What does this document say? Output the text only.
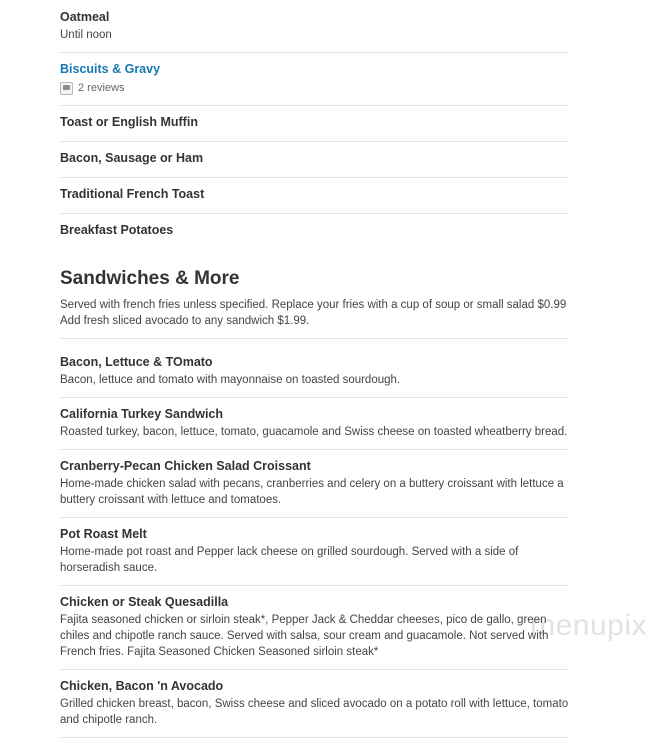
menupix
Oatmeal
Until noon
Biscuits & Gravy
2 reviews
Toast or English Muffin
Bacon, Sausage or Ham
Traditional French Toast
Breakfast Potatoes
Sandwiches & More
Served with french fries unless specified. Replace your fries with a cup of soup or small salad $0.99 Add fresh sliced avocado to any sandwich $1.99.
Bacon, Lettuce & TOmato
Bacon, lettuce and tomato with mayonnaise on toasted sourdough.
California Turkey Sandwich
Roasted turkey, bacon, lettuce, tomato, guacamole and Swiss cheese on toasted wheatberry bread.
Cranberry-Pecan Chicken Salad Croissant
Home-made chicken salad with pecans, cranberries and celery on a buttery croissant with lettuce a buttery croissant with lettuce and tomatoes.
Pot Roast Melt
Home-made pot roast and Pepper lack cheese on grilled sourdough. Served with a side of horseradish sauce.
Chicken or Steak Quesadilla
Fajita seasoned chicken or sirloin steak*, Pepper Jack & Cheddar cheeses, pico de gallo, green chiles and chipotle ranch sauce. Served with salsa, sour cream and guacamole. Not served with French fries. Fajita Seasoned Chicken Seasoned sirloin steak*
Chicken, Bacon 'n Avocado
Grilled chicken breast, bacon, Swiss cheese and sliced avocado on a potato roll with lettuce, tomato and chipotle ranch.
